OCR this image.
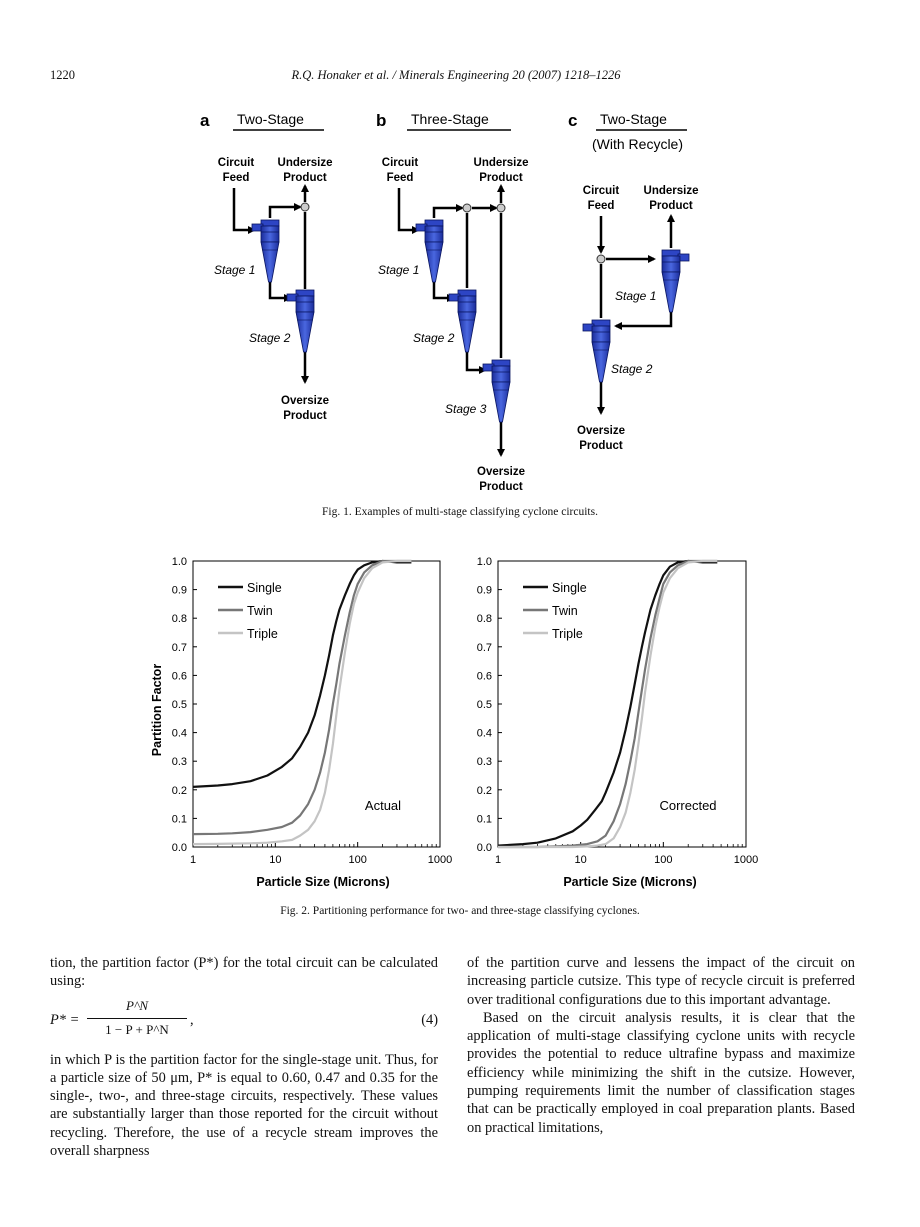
1220	R.Q. Honaker et al. / Minerals Engineering 20 (2007) 1218–1226
a Two-Stage
Circuit
Feed
Undersize
Product
Stage 1
Stage 2
Oversize
Product
b Three-Stage
Circuit
Feed
Undersize
Product
Stage 1
Stage 2
Stage 3
Oversize
Product
c Two-Stage
(With Recycle)
Circuit
Feed
Undersize
Product
Stage 1
Stage 2
Oversize
Product
Fig. 1. Examples of multi-stage classifying cyclone circuits.
Partition Factor
Particle Size (Microns)	Particle Size (Microns)
0.0
0.1
0.2
0.3
0.4
0.5
0.6
0.7
0.8
0.9
1.0
1	10	100	1000
Single
Twin
Triple
Actual
0.0
0.1
0.2
0.3
0.4
0.5
0.6
0.7
0.8
0.9
1.0
1	10	100	1000
Single
Twin
Triple
Corrected
Fig. 2. Partitioning performance for two- and three-stage classifying cyclones.

tion, the partition factor (P*) for the total circuit can be calculated using:

P* =
P^N
1 − P + P^N
,	(4)

in which P is the partition factor for the single-stage unit. Thus, for a particle size of 50 μm, P* is equal to 0.60, 0.47 and 0.35 for the single-, two-, and three-stage circuits, respectively. These values are substantially larger than those reported for the circuit without recycling. Therefore, the use of a recycle stream improves the overall sharpness

of the partition curve and lessens the impact of the circuit on increasing particle cutsize. This type of recycle circuit is preferred over traditional configurations due to this important advantage.

Based on the circuit analysis results, it is clear that the application of multi-stage classifying cyclone units with recycle provides the potential to reduce ultrafine bypass and maximize efficiency while minimizing the shift in the cutsize. However, pumping requirements limit the number of classification stages that can be practically employed in coal preparation plants. Based on practical limitations,
